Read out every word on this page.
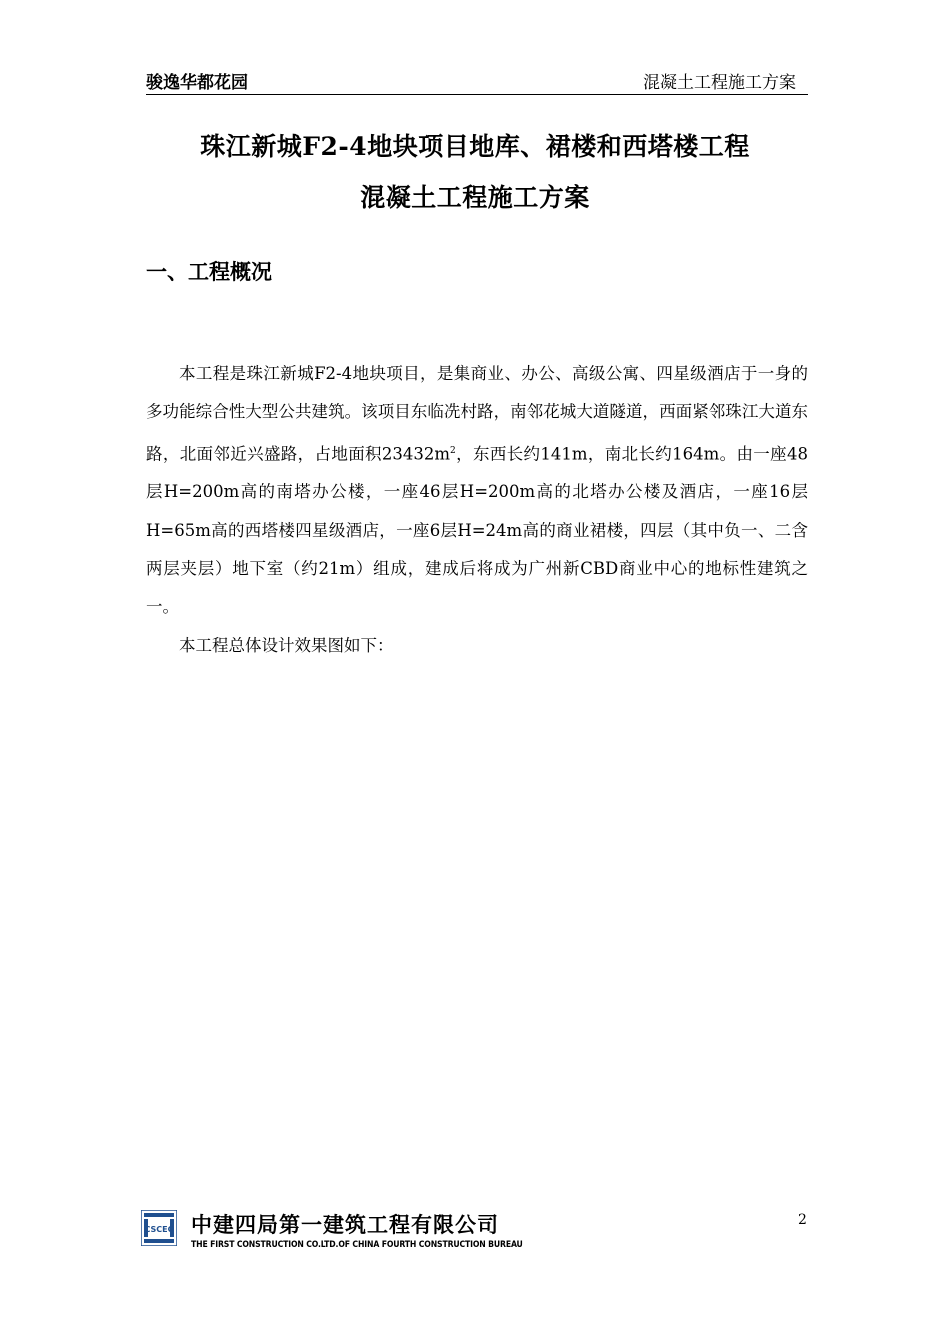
骏逸华都花园	混凝土工程施工方案
珠江新城F2-4地块项目地库、裙楼和西塔楼工程
混凝土工程施工方案
一、工程概况

本工程是珠江新城F2-4地块项目，是集商业、办公、高级公寓、四星级酒店于一身的多功能综合性大型公共建筑。该项目东临冼村路，南邻花城大道隧道，西面紧邻珠江大道东路，北面邻近兴盛路，占地面积$23432m^2$，东西长约141m，南北长约164m。由一座48层H=200m高的南塔办公楼，一座46层H=200m高的北塔办公楼及酒店，一座16层H=65m高的西塔楼四星级酒店，一座6层H=24m高的商业裙楼，四层（其中负一、二含两层夹层）地下室（约21m）组成，建成后将成为广州新CBD商业中心的地标性建筑之一。

本工程总体设计效果图如下：

CSCEC 中建四局第一建筑工程有限公司
THE FIRST CONSTRUCTION CO.LTD.OF CHINA FOURTH CONSTRUCTION BUREAU
2
